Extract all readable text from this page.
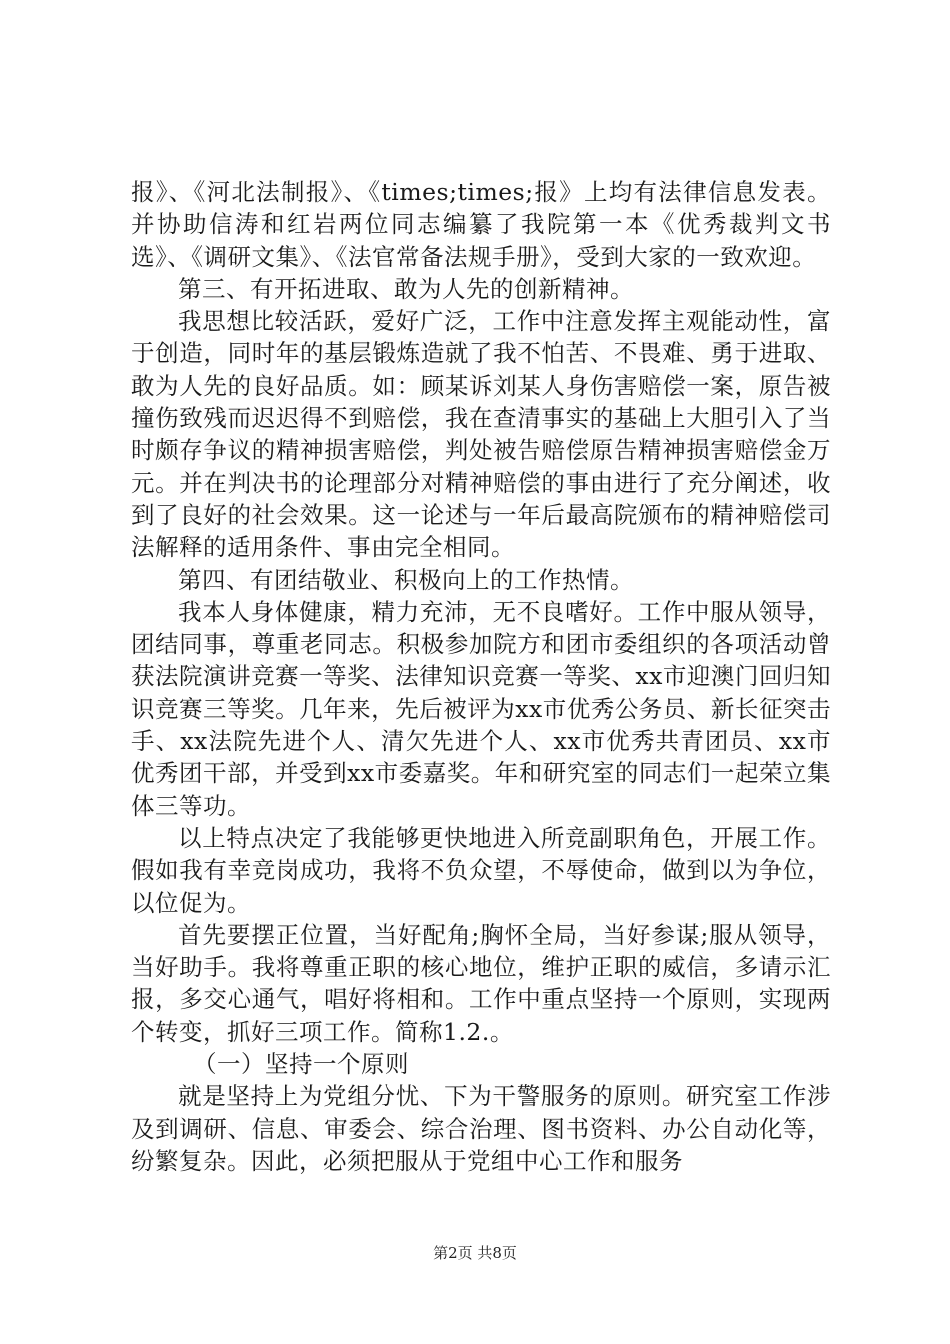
报》、《河北法制报》、《times;times;报》上均有法律信息发表。并协助信涛和红岩两位同志编纂了我院第一本《优秀裁判文书选》、《调研文集》、《法官常备法规手册》，受到大家的一致欢迎。

第三、有开拓进取、敢为人先的创新精神。

我思想比较活跃，爱好广泛，工作中注意发挥主观能动性，富于创造，同时年的基层锻炼造就了我不怕苦、不畏难、勇于进取、敢为人先的良好品质。如：顾某诉刘某人身伤害赔偿一案，原告被撞伤致残而迟迟得不到赔偿，我在查清事实的基础上大胆引入了当时颇存争议的精神损害赔偿，判处被告赔偿原告精神损害赔偿金万元。并在判决书的论理部分对精神赔偿的事由进行了充分阐述，收到了良好的社会效果。这一论述与一年后最高院颁布的精神赔偿司法解释的适用条件、事由完全相同。

第四、有团结敬业、积极向上的工作热情。

我本人身体健康，精力充沛，无不良嗜好。工作中服从领导，团结同事，尊重老同志。积极参加院方和团市委组织的各项活动曾获法院演讲竞赛一等奖、法律知识竞赛一等奖、xx市迎澳门回归知识竞赛三等奖。几年来，先后被评为xx市优秀公务员、新长征突击手、xx法院先进个人、清欠先进个人、xx市优秀共青团员、xx市优秀团干部，并受到xx市委嘉奖。年和研究室的同志们一起荣立集体三等功。

以上特点决定了我能够更快地进入所竞副职角色，开展工作。假如我有幸竞岗成功，我将不负众望，不辱使命，做到以为争位，以位促为。

首先要摆正位置，当好配角;胸怀全局，当好参谋;服从领导，当好助手。我将尊重正职的核心地位，维护正职的威信，多请示汇报，多交心通气，唱好将相和。工作中重点坚持一个原则，实现两个转变，抓好三项工作。简称1.2.。

（一）坚持一个原则

就是坚持上为党组分忧、下为干警服务的原则。研究室工作涉及到调研、信息、审委会、综合治理、图书资料、办公自动化等，纷繁复杂。因此，必须把服从于党组中心工作和服务

第2页 共8页
